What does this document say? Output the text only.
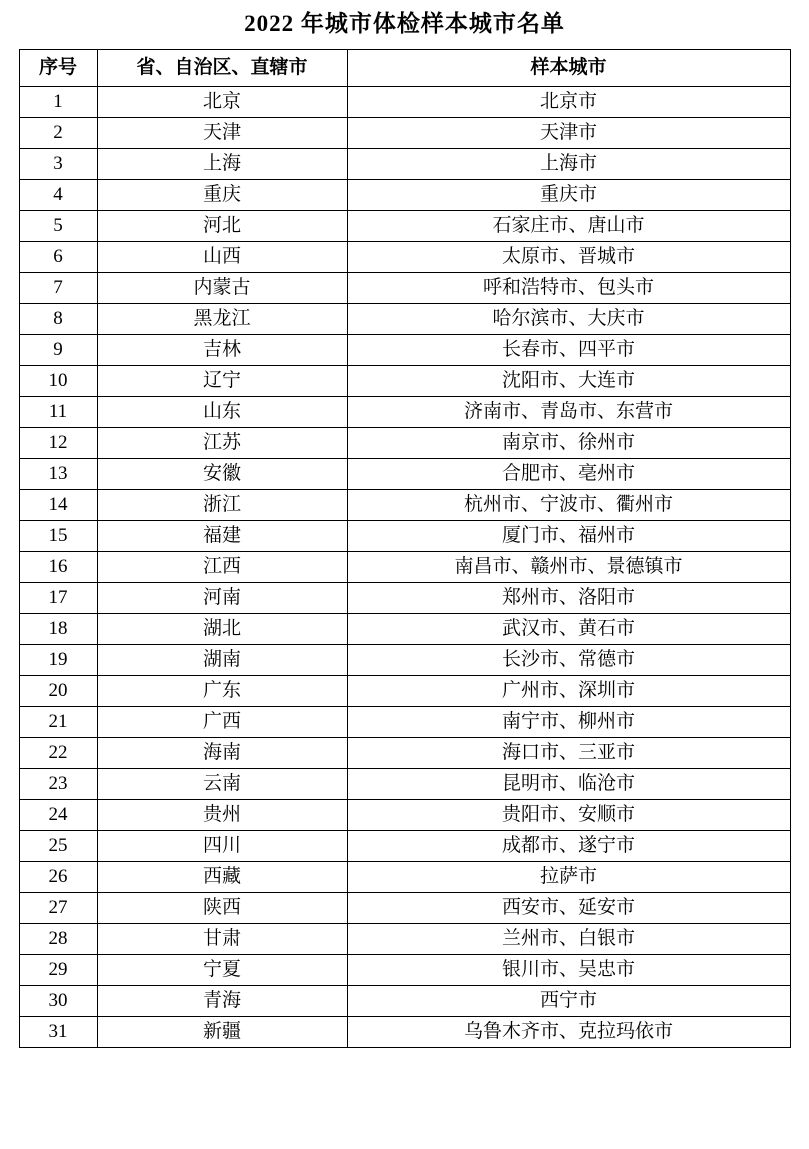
2022 年城市体检样本城市名单
序号	省、自治区、直辖市	样本城市
1	北京	北京市
2	天津	天津市
3	上海	上海市
4	重庆	重庆市
5	河北	石家庄市、唐山市
6	山西	太原市、晋城市
7	内蒙古	呼和浩特市、包头市
8	黑龙江	哈尔滨市、大庆市
9	吉林	长春市、四平市
10	辽宁	沈阳市、大连市
11	山东	济南市、青岛市、东营市
12	江苏	南京市、徐州市
13	安徽	合肥市、亳州市
14	浙江	杭州市、宁波市、衢州市
15	福建	厦门市、福州市
16	江西	南昌市、赣州市、景德镇市
17	河南	郑州市、洛阳市
18	湖北	武汉市、黄石市
19	湖南	长沙市、常德市
20	广东	广州市、深圳市
21	广西	南宁市、柳州市
22	海南	海口市、三亚市
23	云南	昆明市、临沧市
24	贵州	贵阳市、安顺市
25	四川	成都市、遂宁市
26	西藏	拉萨市
27	陕西	西安市、延安市
28	甘肃	兰州市、白银市
29	宁夏	银川市、吴忠市
30	青海	西宁市
31	新疆	乌鲁木齐市、克拉玛依市
